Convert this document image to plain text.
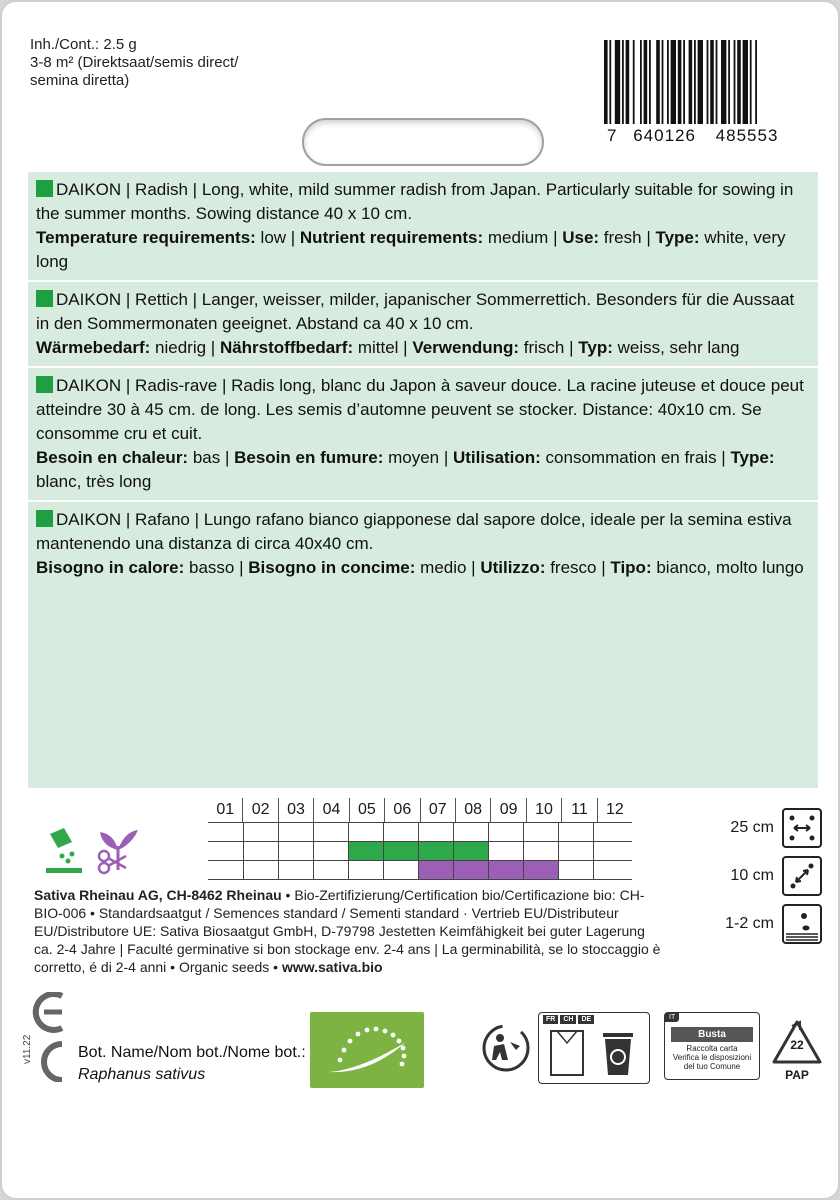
Inh./Cont.: 2.5 g
3-8 m² (Direktsaat/semis direct/
semina diretta)
7 640126 485553
DAIKON | Radish | Long, white, mild summer radish from Japan. Particularly suitable for sowing in the summer months. Sowing distance 40 x 10 cm.
Temperature requirements: low | Nutrient requirements: medium | Use: fresh | Type: white, very long
DAIKON | Rettich | Langer, weisser, milder, japanischer Sommerrettich. Besonders für die Aussaat in den Sommermonaten geeignet. Abstand ca 40 x 10 cm.
Wärmebedarf: niedrig | Nährstoffbedarf: mittel | Verwendung: frisch | Typ: weiss, sehr lang
DAIKON | Radis-rave | Radis long, blanc du Japon à saveur douce. La racine juteuse et douce peut atteindre 30 à 45 cm. de long. Les semis d’automne peuvent se stocker. Distance: 40x10 cm. Se consomme cru et cuit.
Besoin en chaleur: bas | Besoin en fumure: moyen | Utilisation: consommation en frais | Type: blanc, très long
DAIKON | Rafano | Lungo rafano bianco giapponese dal sapore dolce, ideale per la semina estiva mantenendo una distanza di circa 40x40 cm.
Bisogno in calore: basso | Bisogno in concime: medio | Utilizzo: fresco | Tipo: bianco, molto lungo
01	02	03	04	05	06	07	08	09	10	11	12
25 cm
10 cm
1-2 cm
Sativa Rheinau AG, CH-8462 Rheinau • Bio-Zertifizierung/Certification bio/Certificazione bio: CH-BIO-006 • Standardsaatgut / Semences standard / Sementi standard · Vertrieb EU/Distributeur EU/Distributore UE: Sativa Biosaatgut GmbH, D-79798 Jestetten Keimfähigkeit bei guter Lagerung ca. 2-4 Jahre | Faculté germinative si bon stockage env. 2-4 ans | La germinabilità, se lo stoccaggio è corretto, é di 2-4 anni • Organic seeds • www.sativa.bio
v11.22	Bot. Name/Nom bot./Nome bot.:
Raphanus sativus
FR	CH	DE	IT
Busta
Raccolta carta
Verifica le disposizioni
del tuo Comune
22
PAP
